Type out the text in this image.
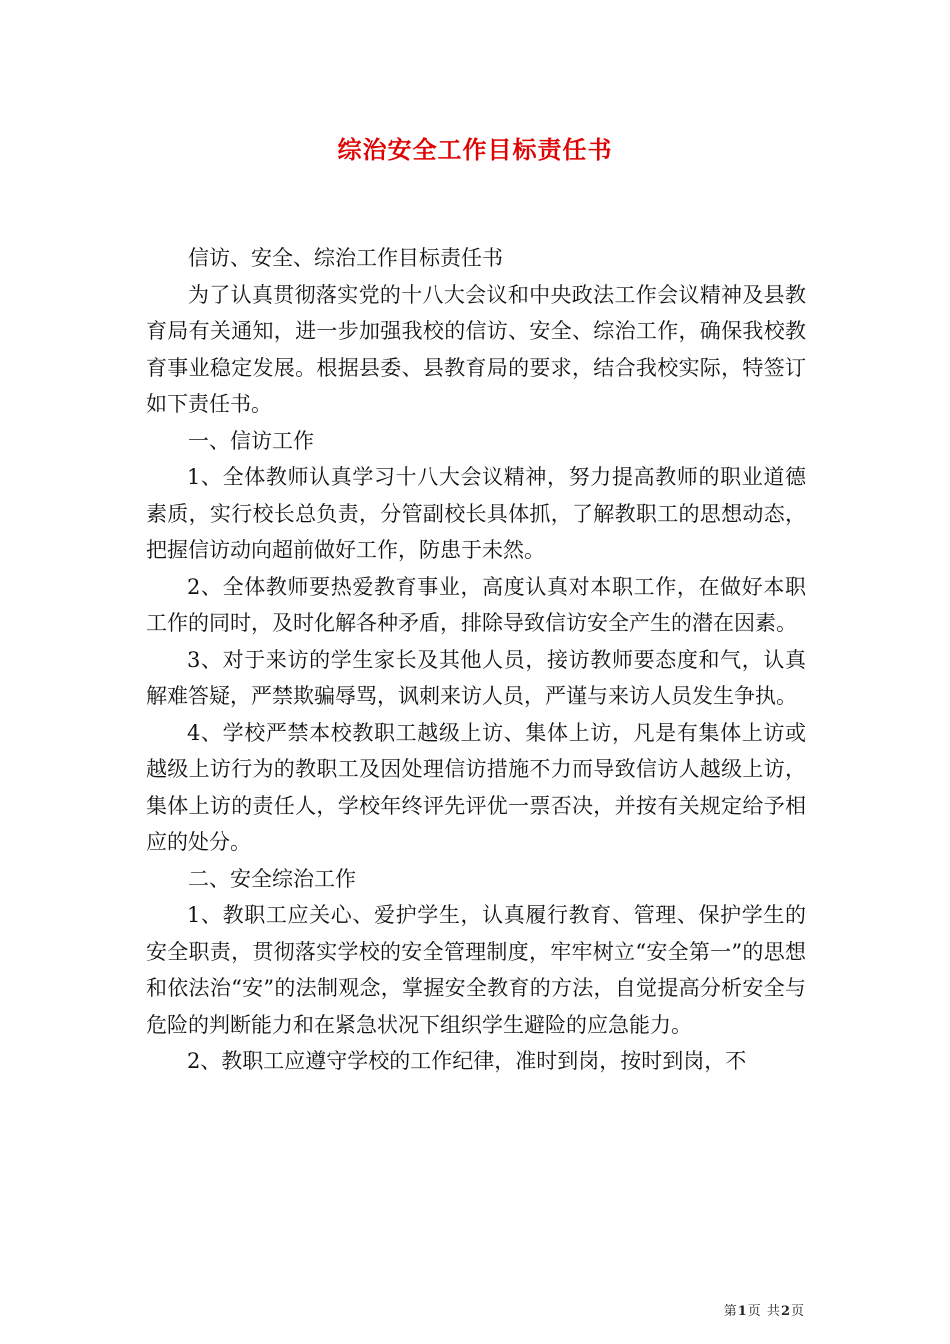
综治安全工作目标责任书

信访、安全、综治工作目标责任书

为了认真贯彻落实党的十八大会议和中央政法工作会议精神及县教育局有关通知，进一步加强我校的信访、安全、综治工作，确保我校教育事业稳定发展。根据县委、县教育局的要求，结合我校实际，特签订如下责任书。

一、信访工作

1、全体教师认真学习十八大会议精神，努力提高教师的职业道德素质，实行校长总负责，分管副校长具体抓，了解教职工的思想动态，把握信访动向超前做好工作，防患于未然。

2、全体教师要热爱教育事业，高度认真对本职工作，在做好本职工作的同时，及时化解各种矛盾，排除导致信访安全产生的潜在因素。

3、对于来访的学生家长及其他人员，接访教师要态度和气，认真解难答疑，严禁欺骗辱骂，讽刺来访人员，严谨与来访人员发生争执。

4、学校严禁本校教职工越级上访、集体上访，凡是有集体上访或越级上访行为的教职工及因处理信访措施不力而导致信访人越级上访，集体上访的责任人，学校年终评先评优一票否决，并按有关规定给予相应的处分。

二、安全综治工作

1、教职工应关心、爱护学生，认真履行教育、管理、保护学生的安全职责，贯彻落实学校的安全管理制度，牢牢树立“安全第一”的思想和依法治“安”的法制观念，掌握安全教育的方法，自觉提高分析安全与危险的判断能力和在紧急状况下组织学生避险的应急能力。

2、教职工应遵守学校的工作纪律，准时到岗，按时到岗，不

第1页 共2页
